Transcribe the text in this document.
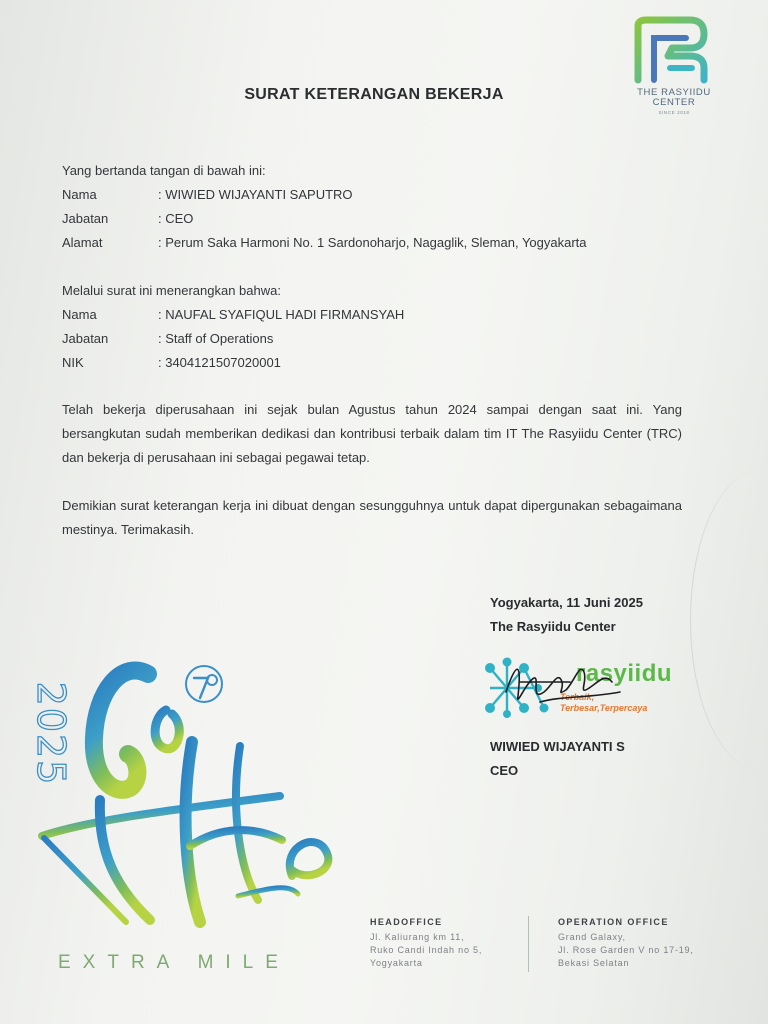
THE RASYIIDU
CENTER
SINCE 2018
SURAT KETERANGAN BEKERJA
Yang bertanda tangan di bawah ini:
Nama	: WIWIED WIJAYANTI SAPUTRO
Jabatan	: CEO
Alamat	: Perum Saka Harmoni No. 1 Sardonoharjo, Nagaglik, Sleman, Yogyakarta
Melalui surat ini menerangkan bahwa:
Nama	: NAUFAL SYAFIQUL HADI FIRMANSYAH
Jabatan	: Staff of Operations
NIK	: 3404121507020001
Telah bekerja diperusahaan ini sejak bulan Agustus tahun 2024 sampai dengan saat ini. Yang bersangkutan sudah memberikan dedikasi dan kontribusi terbaik dalam tim IT The Rasyiidu Center (TRC) dan bekerja di perusahaan ini sebagai pegawai tetap.
Demikian surat keterangan kerja ini dibuat dengan sesungguhnya untuk dapat dipergunakan sebagaimana mestinya. Terimakasih.
Yogyakarta, 11 Juni 2025
The Rasyiidu Center
rasyiidu
Terbaik,
Terbesar,Terpercaya
WIWIED WIJAYANTI S
CEO
2025
EXTRA MILE
HEADOFFICE
Jl. Kaliurang km 11,
Ruko Candi Indah no 5,
Yogyakarta
OPERATION OFFICE
Grand Galaxy,
Jl. Rose Garden V no 17-19,
Bekasi Selatan
